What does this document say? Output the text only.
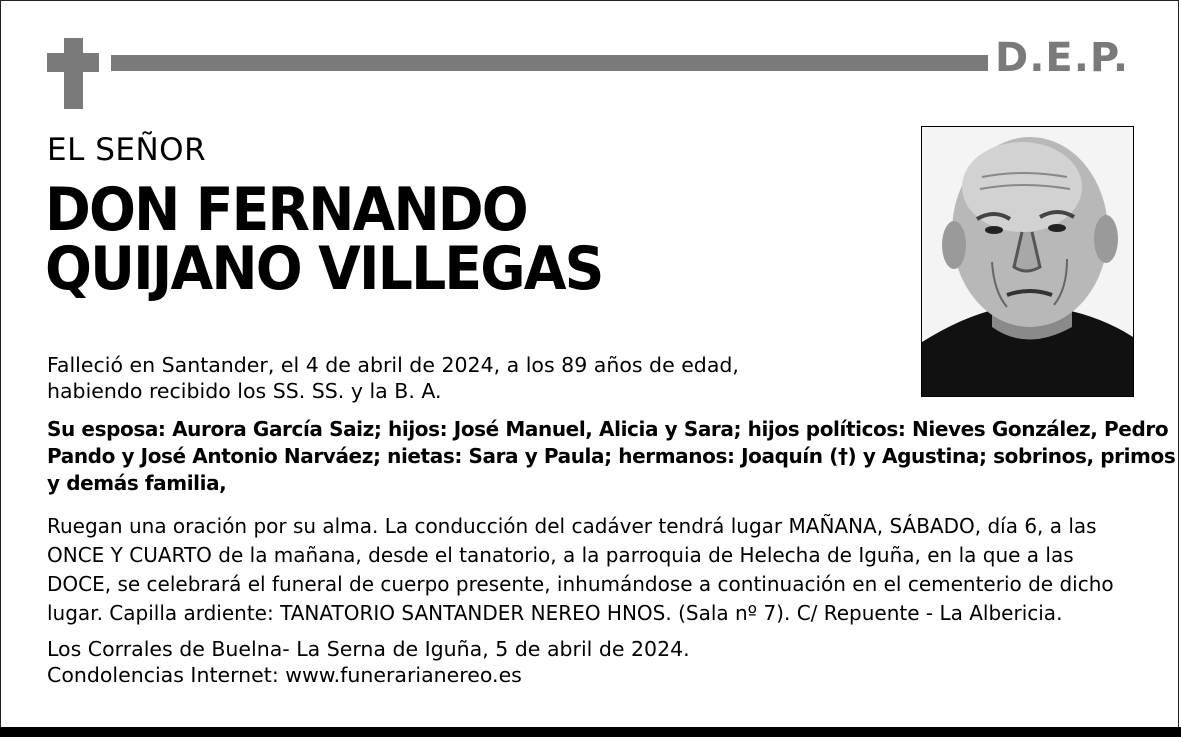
D.E.P.
EL SEÑOR
DON FERNANDO
QUIJANO VILLEGAS

Falleció en Santander, el 4 de abril de 2024, a los 89 años de edad,

habiendo recibido los SS. SS. y la B. A.

Su esposa: Aurora García Saiz; hijos: José Manuel, Alicia y Sara; hijos políticos: Nieves González, Pedro

Pando y José Antonio Narváez; nietas: Sara y Paula; hermanos: Joaquín (†) y Agustina; sobrinos, primos

y demás familia,

Ruegan una oración por su alma. La conducción del cadáver tendrá lugar MAÑANA, SÁBADO, día 6, a las

ONCE Y CUARTO de la mañana, desde el tanatorio, a la parroquia de Helecha de Iguña, en la que a las

DOCE, se celebrará el funeral de cuerpo presente, inhumándose a continuación en el cementerio de dicho

lugar. Capilla ardiente: TANATORIO SANTANDER NEREO HNOS. (Sala nº 7). C/ Repuente - La Albericia.

Los Corrales de Buelna- La Serna de Iguña, 5 de abril de 2024.
Condolencias Internet: www.funerarianereo.es
